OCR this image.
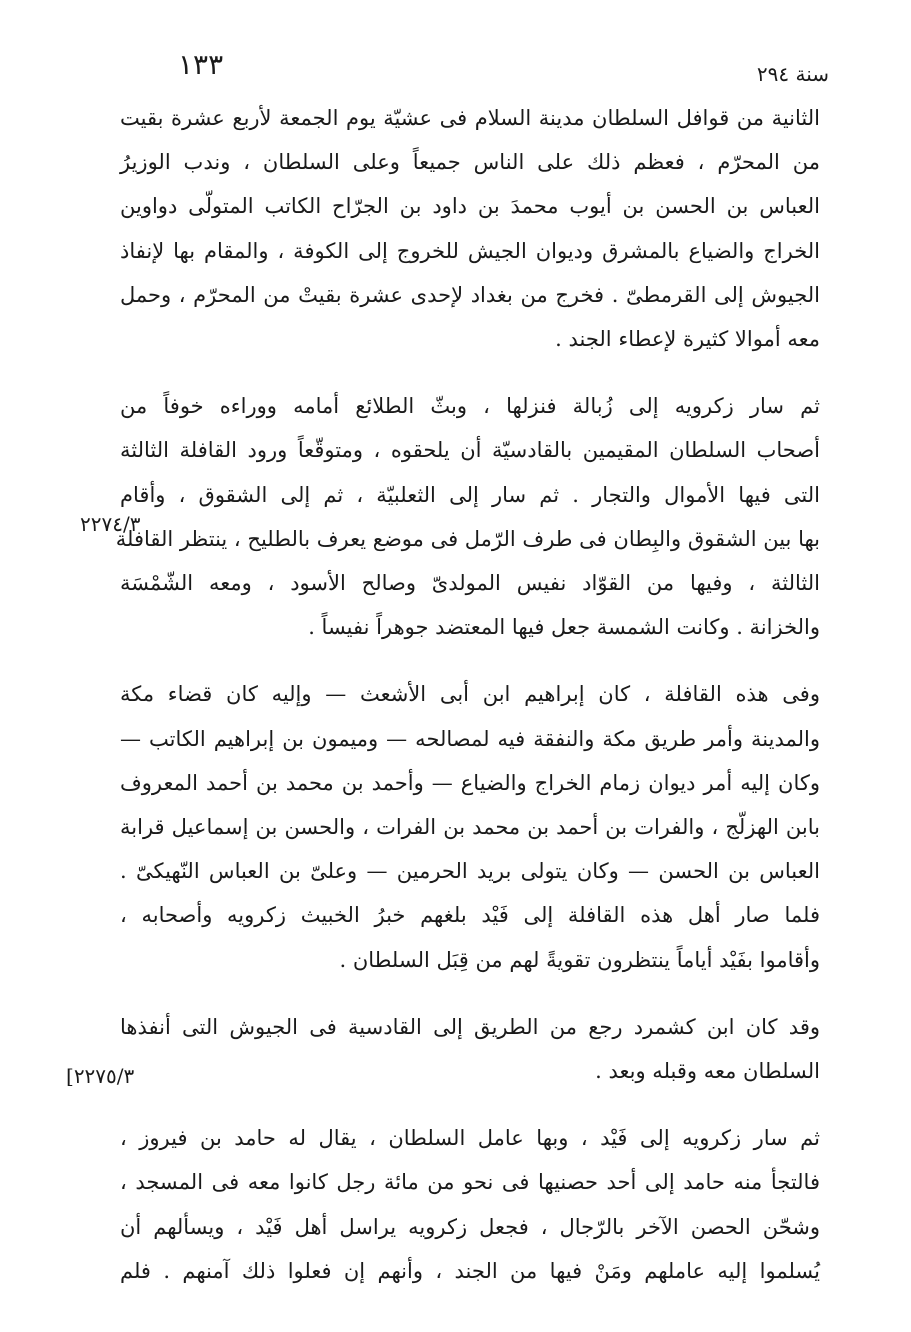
١٣٣	سنة ٢٩٤
٢٢٧٤/٣
٢٢٧٥/٣]
الثانية من قوافل السلطان مدينة السلام فى عشيّة يوم الجمعة لأربع عشرة بقيت
من المحرّم ، فعظم ذلك على الناس جميعاً وعلى السلطان ، وندب الوزيرُ
العباس بن الحسن بن أيوب محمدَ بن داود بن الجرّاح الكاتب المتولّى دواوين
الخراج والضياع بالمشرق وديوان الجيش للخروج إلى الكوفة ، والمقام بها لإنفاذ
الجيوش إلى القرمطىّ . فخرج من بغداد لإحدى عشرة بقيتْ من المحرّم ، وحمل
معه أموالا كثيرة لإعطاء الجند .
ثم سار زكرويه إلى زُبالة فنزلها ، وبثّ الطلائع أمامه ووراءه خوفاً من
أصحاب السلطان المقيمين بالقادسيّة أن يلحقوه ، ومتوقّعاً ورود القافلة الثالثة
التى فيها الأموال والتجار . ثم سار إلى الثعلبيّة ، ثم إلى الشقوق ، وأقام
بها بين الشقوق والبِطان فى طرف الرّمل فى موضع يعرف بالطليح ، ينتظر القافلة
الثالثة ، وفيها من القوّاد نفيس المولدىّ وصالح الأسود ، ومعه الشّمْسَة
والخزانة . وكانت الشمسة جعل فيها المعتضد جوهراً نفيساً .
وفى هذه القافلة ، كان إبراهيم ابن أبى الأشعث — وإليه كان قضاء مكة
والمدينة وأمر طريق مكة والنفقة فيه لمصالحه — وميمون بن إبراهيم الكاتب —
وكان إليه أمر ديوان زمام الخراج والضياع — وأحمد بن محمد بن أحمد المعروف
بابن الهزلّج ، والفرات بن أحمد بن محمد بن الفرات ، والحسن بن إسماعيل قرابة
العباس بن الحسن — وكان يتولى بريد الحرمين — وعلىّ بن العباس النّهيكىّ .
فلما صار أهل هذه القافلة إلى فَيْد بلغهم خبرُ الخبيث زكرويه وأصحابه ،
وأقاموا بفَيْد أياماً ينتظرون تقويةً لهم من قِبَل السلطان .
وقد كان ابن كشمرد رجع من الطريق إلى القادسية فى الجيوش التى أنفذها
السلطان معه وقبله وبعد .
ثم سار زكرويه إلى فَيْد ، وبها عامل السلطان ، يقال له حامد بن فيروز ،
فالتجأ منه حامد إلى أحد حصنيها فى نحو من مائة رجل كانوا معه فى المسجد ،
وشحّن الحصن الآخر بالرّجال ، فجعل زكرويه يراسل أهل فَيْد ، ويسألهم أن
يُسلموا إليه عاملهم ومَنْ فيها من الجند ، وأنهم إن فعلوا ذلك آمنهم . فلم
